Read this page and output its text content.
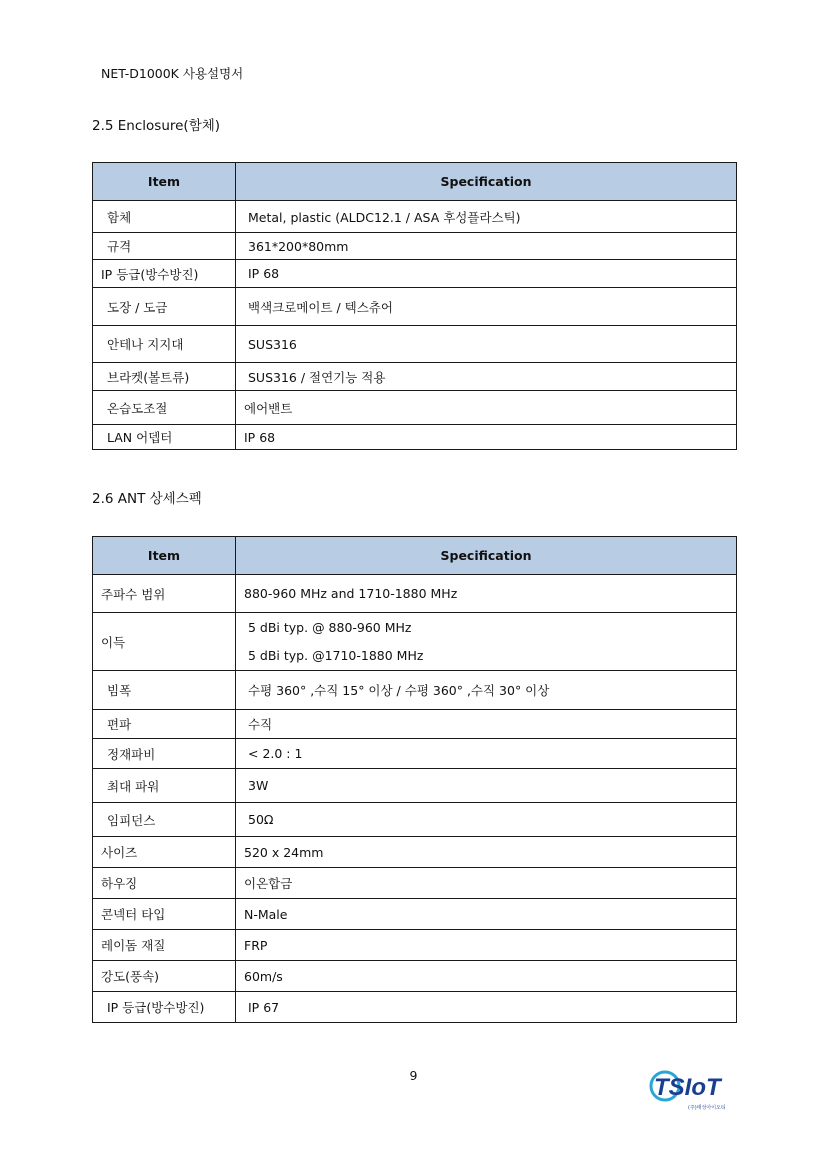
NET-D1000K 사용설명서
2.5 Enclosure(함체)
Item	Specification
함체	Metal, plastic (ALDC12.1 / ASA 후성플라스틱)
규격	361*200*80mm
IP 등급(방수방진)	IP 68
도장 / 도금	백색크로메이트 / 텍스츄어
안테나 지지대	SUS316
브라켓(볼트류)	SUS316 / 절연기능 적용
온습도조절	에어밴트
LAN 어뎁터	IP 68
2.6 ANT 상세스펙
Item	Specification
주파수 범위	880-960 MHz and 1710-1880 MHz
이득	5 dBi typ. @ 880-960 MHz
5 dBi typ. @1710-1880 MHz

빔폭	수평 360° ,수직 15° 이상 / 수평 360° ,수직 30° 이상
편파	수직
정재파비	< 2.0 : 1
최대 파워	3W
임피던스	50Ω
사이즈	520 x 24mm
하우징	이온합금
콘넥터 타입	N-Male
레이돔 재질	FRP
강도(풍속)	60m/s
IP 등급(방수방진)	IP 67
9	TSIoT
(주)태성아이오티
